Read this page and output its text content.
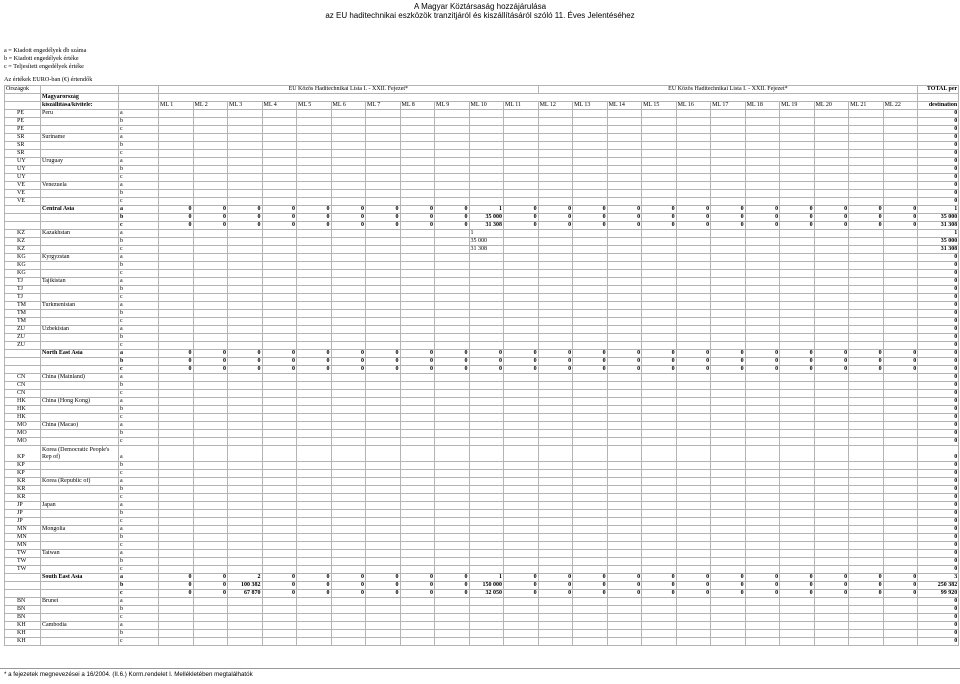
A Magyar Köztársaság hozzájárulása
az EU haditechnikai eszközök tranzitjáról és kiszállításáról szóló 11. Éves Jelentéséhez
a = Kiadott engedélyek db száma
b = Kiadott engedélyek értéke
c = Teljesített engedélyek értéke
Az értékek EURO-ban (€) értendők
Országok			EU Közös Haditechnikai Lista I. - XXII. Fejezet*											EU Közös Haditechnikai Lista I. - XXII. Fejezet*											TOTAL per
	Magyarország																								
	kiszállítása/kivitele:		ML 1	ML 2	ML 3	ML 4	ML 5	ML 6	ML 7	ML 8	ML 9	ML 10	ML 11	ML 12	ML 13	ML 14	ML 15	ML 16	ML 17	ML 18	ML 19	ML 20	ML 21	ML 22	destination
PE	Peru	a																							0
PE		b																							0
PE		c																							0
SR	Suriname	a																							0
SR		b																							0
SR		c																							0
UY	Uruguay	a																							0
UY		b																							0
UY		c																							0
VE	Venezuela	a																							0
VE		b																							0
VE		c																							0
	Central Asia	a	0	0	0	0	0	0	0	0	0	1	0	0	0	0	0	0	0	0	0	0	0	0	1
		b	0	0	0	0	0	0	0	0	0	35 000	0	0	0	0	0	0	0	0	0	0	0	0	35 000
		c	0	0	0	0	0	0	0	0	0	31 308	0	0	0	0	0	0	0	0	0	0	0	0	31 308
KZ	Kazakhstan	a										1													1
KZ		b										35 000													35 000
KZ		c										31 308													31 308
KG	Kyrgyzstan	a																							0
KG		b																							0
KG		c																							0
TJ	Tajikistan	a																							0
TJ		b																							0
TJ		c																							0
TM	Turkmenistan	a																							0
TM		b																							0
TM		c																							0
ZU	Uzbekistan	a																							0
ZU		b																							0
ZU		c																							0
	North East Asia	a	0	0	0	0	0	0	0	0	0	0	0	0	0	0	0	0	0	0	0	0	0	0	0
		b	0	0	0	0	0	0	0	0	0	0	0	0	0	0	0	0	0	0	0	0	0	0	0
		c	0	0	0	0	0	0	0	0	0	0	0	0	0	0	0	0	0	0	0	0	0	0	0
CN	China (Mainland)	a																							0
CN		b																							0
CN		c																							0
HK	China (Hong Kong)	a																							0
HK		b																							0
HK		c																							0
MO	China (Macao)	a																							0
MO		b																							0
MO		c																							0
KP	Korea (Democratic People's Rep of)	a																							0
KP		b																							0
KP		c																							0
KR	Korea (Republic of)	a																							0
KR		b																							0
KR		c																							0
JP	Japan	a																							0
JP		b																							0
JP		c																							0
MN	Mongolia	a																							0
MN		b																							0
MN		c																							0
TW	Taiwan	a																							0
TW		b																							0
TW		c																							0
	South East Asia	a	0	0	2	0	0	0	0	0	0	1	0	0	0	0	0	0	0	0	0	0	0	0	3
		b	0	0	100 382	0	0	0	0	0	0	150 000	0	0	0	0	0	0	0	0	0	0	0	0	250 382
		c	0	0	67 870	0	0	0	0	0	0	32 050	0	0	0	0	0	0	0	0	0	0	0	0	99 920
BN	Brunei	a																							0
BN		b																							0
BN		c																							0
KH	Cambodia	a																							0
KH		b																							0
KH		c																							0
* a fejezetek megnevezései a 16/2004. (II.6.) Korm.rendelet I. Mellékletében megtalálhatók
